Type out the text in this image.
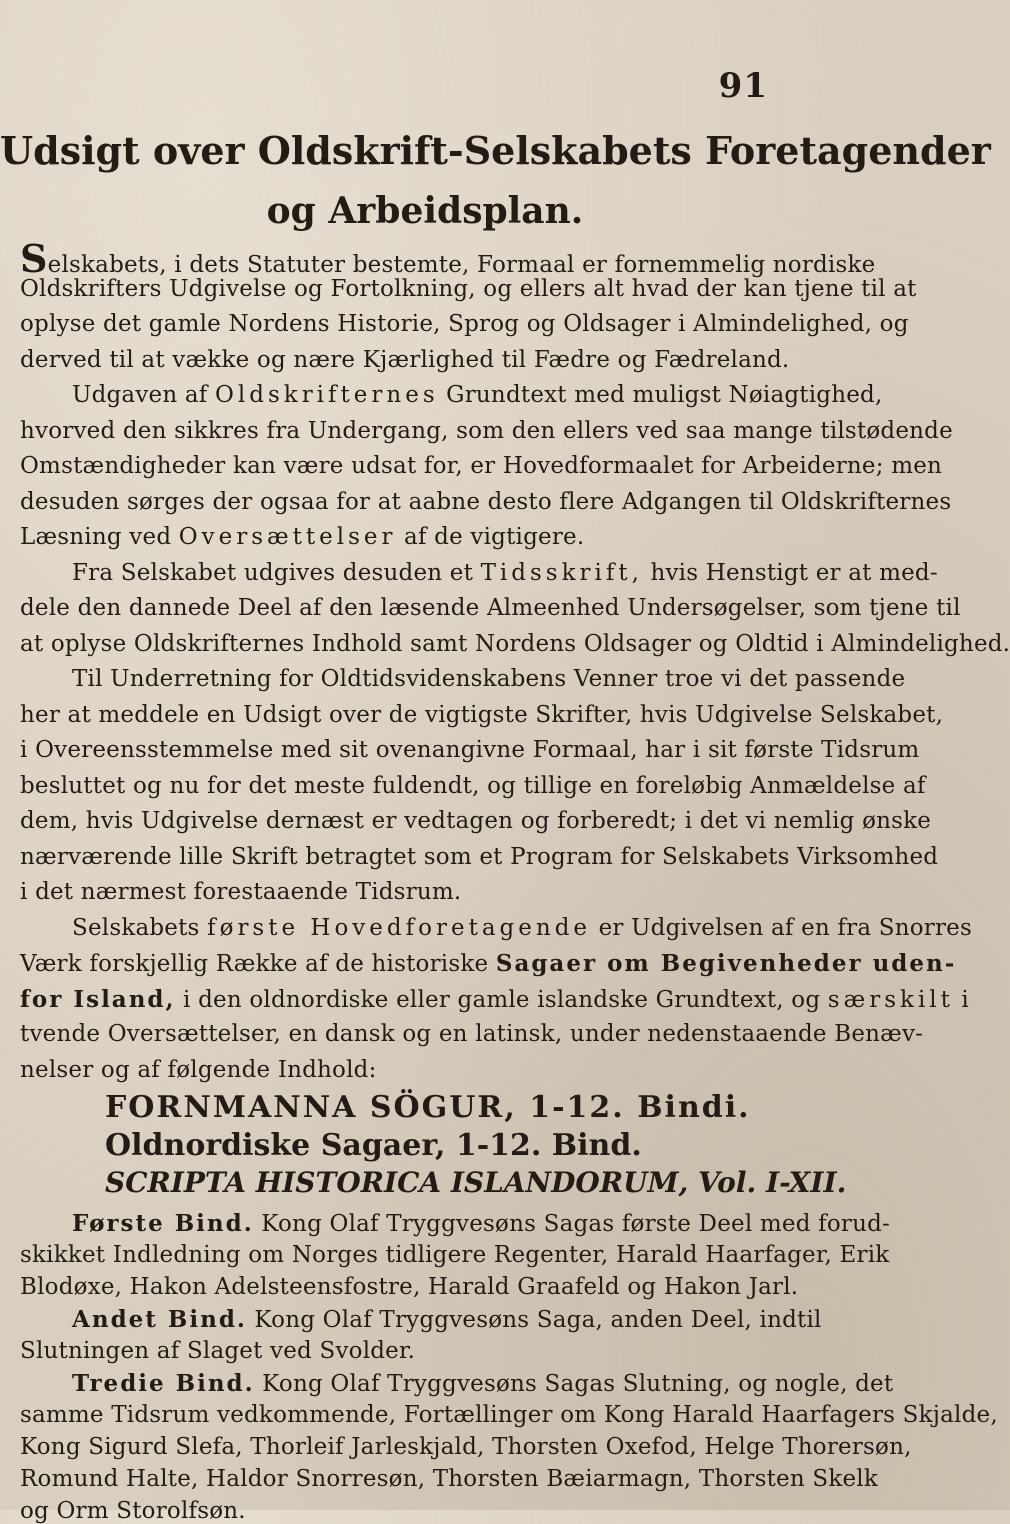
91
Udsigt over Oldskrift-Selskabets Foretagender
og Arbeidsplan.
Selskabets, i dets Statuter bestemte, Formaal er fornemmelig nordiske
Oldskrifters Udgivelse og Fortolkning, og ellers alt hvad der kan tjene til at
oplyse det gamle Nordens Historie, Sprog og Oldsager i Almindelighed, og
derved til at vække og nære Kjærlighed til Fædre og Fædreland.
Udgaven af Oldskrifternes Grundtext med muligst Nøiagtighed,
hvorved den sikkres fra Undergang, som den ellers ved saa mange tilstødende
Omstændigheder kan være udsat for, er Hovedformaalet for Arbeiderne; men
desuden sørges der ogsaa for at aabne desto flere Adgangen til Oldskrifternes
Læsning ved Oversættelser af de vigtigere.
Fra Selskabet udgives desuden et Tidsskrift, hvis Henstigt er at med-
dele den dannede Deel af den læsende Almeenhed Undersøgelser, som tjene til
at oplyse Oldskrifternes Indhold samt Nordens Oldsager og Oldtid i Almindelighed.
Til Underretning for Oldtidsvidenskabens Venner troe vi det passende
her at meddele en Udsigt over de vigtigste Skrifter, hvis Udgivelse Selskabet,
i Overeensstemmelse med sit ovenangivne Formaal, har i sit første Tidsrum
besluttet og nu for det meste fuldendt, og tillige en foreløbig Anmældelse af
dem, hvis Udgivelse dernæst er vedtagen og forberedt; i det vi nemlig ønske
nærværende lille Skrift betragtet som et Program for Selskabets Virksomhed
i det nærmest forestaaende Tidsrum.
Selskabets første Hovedforetagende er Udgivelsen af en fra Snorres
Værk forskjellig Række af de historiske Sagaer om Begivenheder uden-
for Island, i den oldnordiske eller gamle islandske Grundtext, og særskilt i
tvende Oversættelser, en dansk og en latinsk, under nedenstaaende Benæv-
nelser og af følgende Indhold:
FORNMANNA SÖGUR, 1-12. Bindi.
Oldnordiske Sagaer, 1-12. Bind.
SCRIPTA HISTORICA ISLANDORUM, Vol. I-XII.
Første Bind. Kong Olaf Tryggvesøns Sagas første Deel med forud-
skikket Indledning om Norges tidligere Regenter, Harald Haarfager, Erik
Blodøxe, Hakon Adelsteensfostre, Harald Graafeld og Hakon Jarl.
Andet Bind. Kong Olaf Tryggvesøns Saga, anden Deel, indtil
Slutningen af Slaget ved Svolder.
Tredie Bind. Kong Olaf Tryggvesøns Sagas Slutning, og nogle, det
samme Tidsrum vedkommende, Fortællinger om Kong Harald Haarfagers Skjalde,
Kong Sigurd Slefa, Thorleif Jarleskjald, Thorsten Oxefod, Helge Thorersøn,
Romund Halte, Haldor Snorresøn, Thorsten Bæiarmagn, Thorsten Skelk
og Orm Storolfsøn.
